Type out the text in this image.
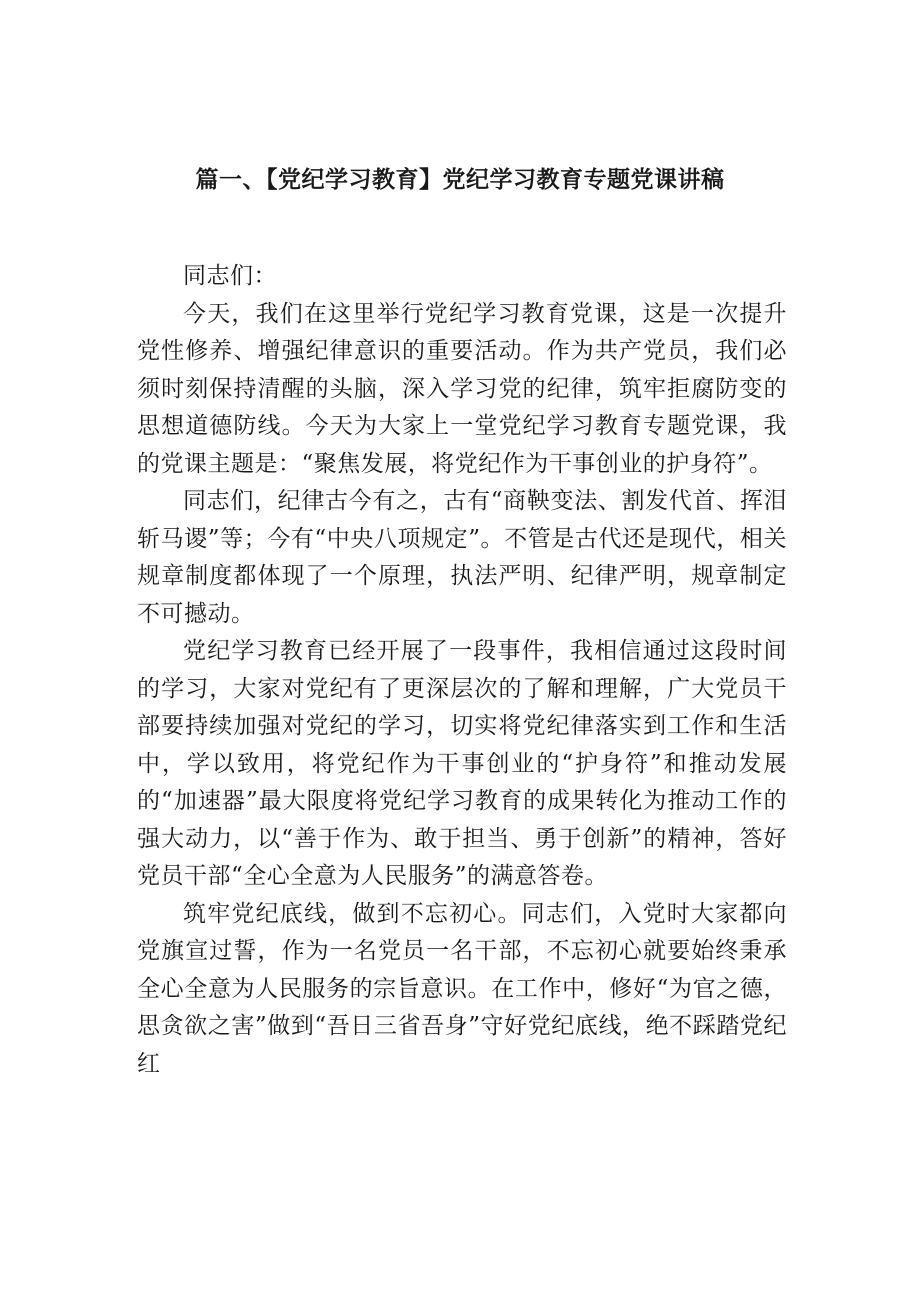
篇一、【党纪学习教育】党纪学习教育专题党课讲稿

同志们：

今天，我们在这里举行党纪学习教育党课，这是一次提升党性修养、增强纪律意识的重要活动。作为共产党员，我们必须时刻保持清醒的头脑，深入学习党的纪律，筑牢拒腐防变的思想道德防线。今天为大家上一堂党纪学习教育专题党课，我的党课主题是：“聚焦发展，将党纪作为干事创业的护身符”。

同志们，纪律古今有之，古有“商鞅变法、割发代首、挥泪斩马谡”等；今有“中央八项规定”。不管是古代还是现代，相关规章制度都体现了一个原理，执法严明、纪律严明，规章制定不可撼动。

党纪学习教育已经开展了一段事件，我相信通过这段时间的学习，大家对党纪有了更深层次的了解和理解，广大党员干部要持续加强对党纪的学习，切实将党纪律落实到工作和生活中，学以致用，将党纪作为干事创业的“护身符”和推动发展的“加速器”最大限度将党纪学习教育的成果转化为推动工作的强大动力，以“善于作为、敢于担当、勇于创新”的精神，答好党员干部“全心全意为人民服务”的满意答卷。

筑牢党纪底线，做到不忘初心。同志们，入党时大家都向党旗宣过誓，作为一名党员一名干部，不忘初心就要始终秉承全心全意为人民服务的宗旨意识。在工作中，修好“为官之德，思贪欲之害”做到“吾日三省吾身”守好党纪底线，绝不踩踏党纪红
